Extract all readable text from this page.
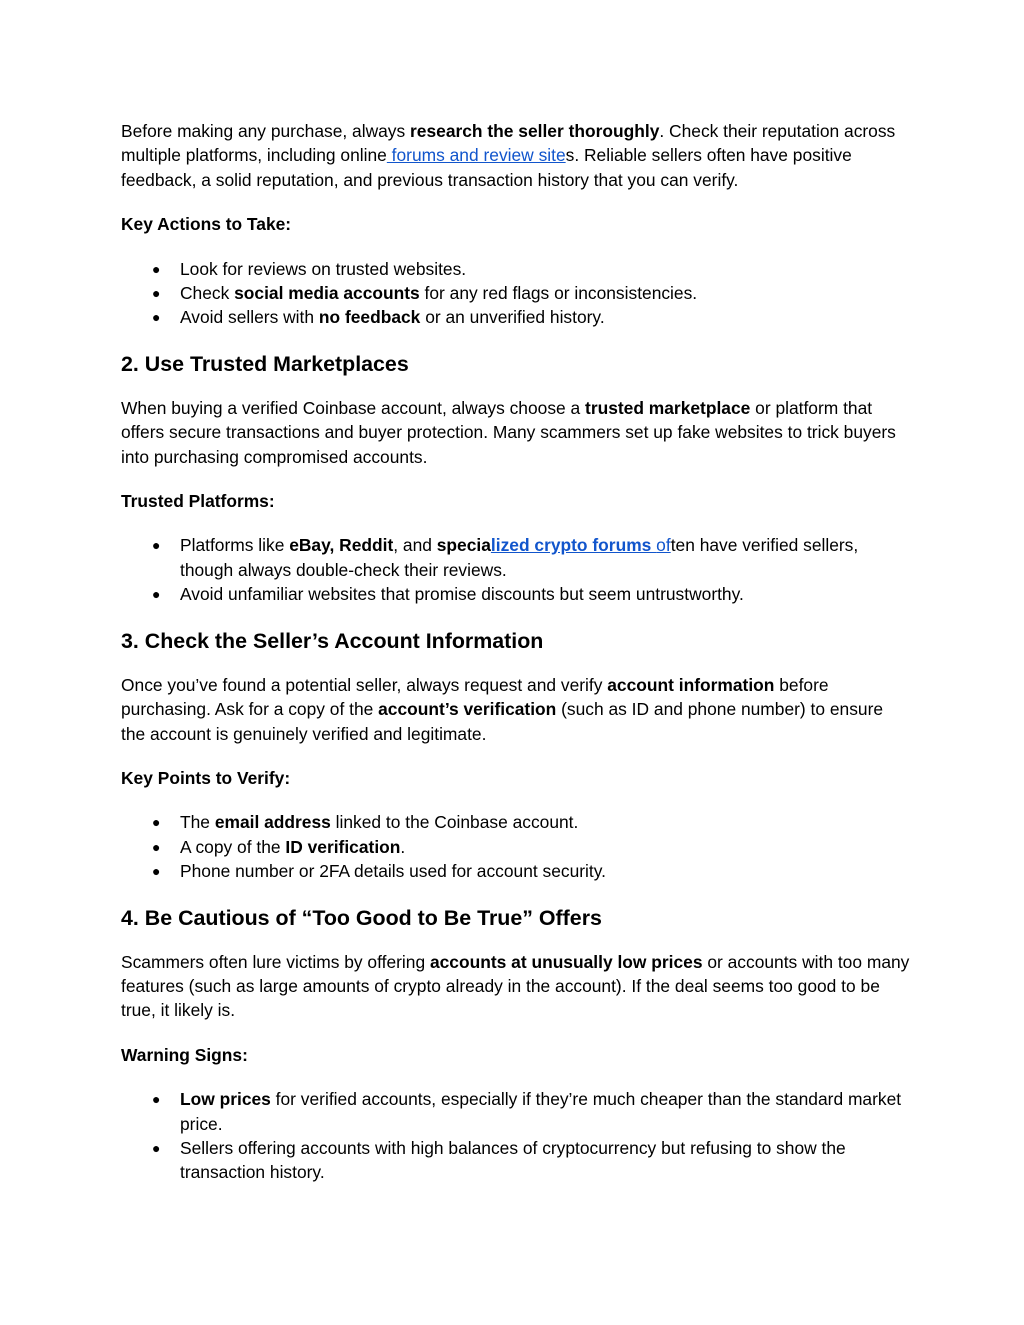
Before making any purchase, always research the seller thoroughly. Check their reputation across multiple platforms, including online forums and review sites. Reliable sellers often have positive feedback, a solid reputation, and previous transaction history that you can verify.

Key Actions to Take:

● Look for reviews on trusted websites.
● Check social media accounts for any red flags or inconsistencies.
● Avoid sellers with no feedback or an unverified history.
2. Use Trusted Marketplaces

When buying a verified Coinbase account, always choose a trusted marketplace or platform that offers secure transactions and buyer protection. Many scammers set up fake websites to trick buyers into purchasing compromised accounts.

Trusted Platforms:

● Platforms like eBay, Reddit, and specialized crypto forums often have verified sellers, though always double-check their reviews.
● Avoid unfamiliar websites that promise discounts but seem untrustworthy.
3. Check the Seller’s Account Information

Once you’ve found a potential seller, always request and verify account information before purchasing. Ask for a copy of the account’s verification (such as ID and phone number) to ensure the account is genuinely verified and legitimate.

Key Points to Verify:

● The email address linked to the Coinbase account.
● A copy of the ID verification.
● Phone number or 2FA details used for account security.
4. Be Cautious of “Too Good to Be True” Offers

Scammers often lure victims by offering accounts at unusually low prices or accounts with too many features (such as large amounts of crypto already in the account). If the deal seems too good to be true, it likely is.

Warning Signs:

● Low prices for verified accounts, especially if they’re much cheaper than the standard market price.
● Sellers offering accounts with high balances of cryptocurrency but refusing to show the transaction history.
